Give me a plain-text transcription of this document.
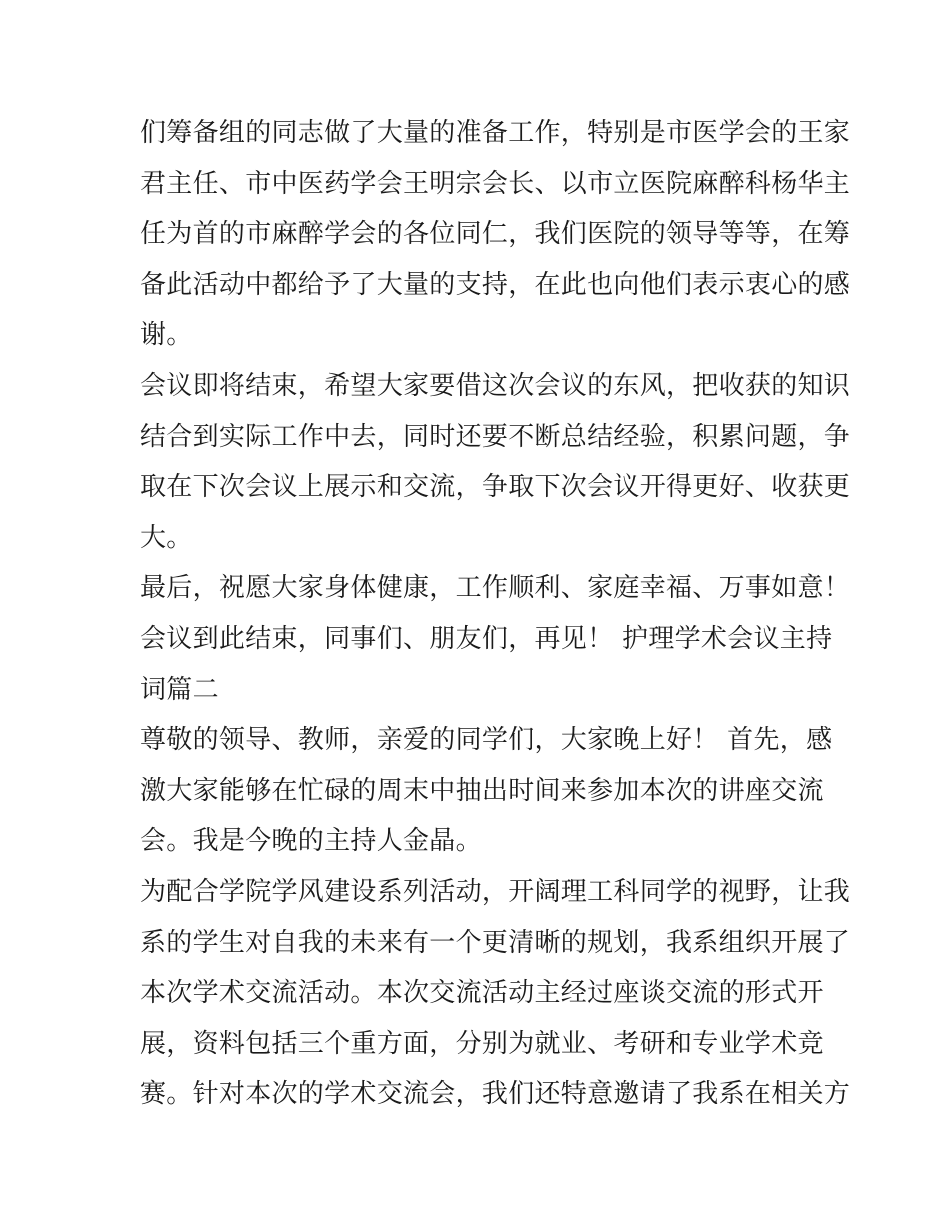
们筹备组的同志做了大量的准备工作，特别是市医学会的王家
君主任、市中医药学会王明宗会长、以市立医院麻醉科杨华主
任为首的市麻醉学会的各位同仁，我们医院的领导等等，在筹
备此活动中都给予了大量的支持，在此也向他们表示衷心的感
谢。
会议即将结束，希望大家要借这次会议的东风，把收获的知识
结合到实际工作中去，同时还要不断总结经验，积累问题，争
取在下次会议上展示和交流，争取下次会议开得更好、收获更
大。
最后，祝愿大家身体健康，工作顺利、家庭幸福、万事如意！
会议到此结束，同事们、朋友们，再见！ 护理学术会议主持
词篇二
尊敬的领导、教师，亲爱的同学们，大家晚上好！ 首先，感
激大家能够在忙碌的周末中抽出时间来参加本次的讲座交流
会。我是今晚的主持人金晶。
为配合学院学风建设系列活动，开阔理工科同学的视野，让我
系的学生对自我的未来有一个更清晰的规划，我系组织开展了
本次学术交流活动。本次交流活动主经过座谈交流的形式开
展，资料包括三个重方面，分别为就业、考研和专业学术竞
赛。针对本次的学术交流会，我们还特意邀请了我系在相关方
